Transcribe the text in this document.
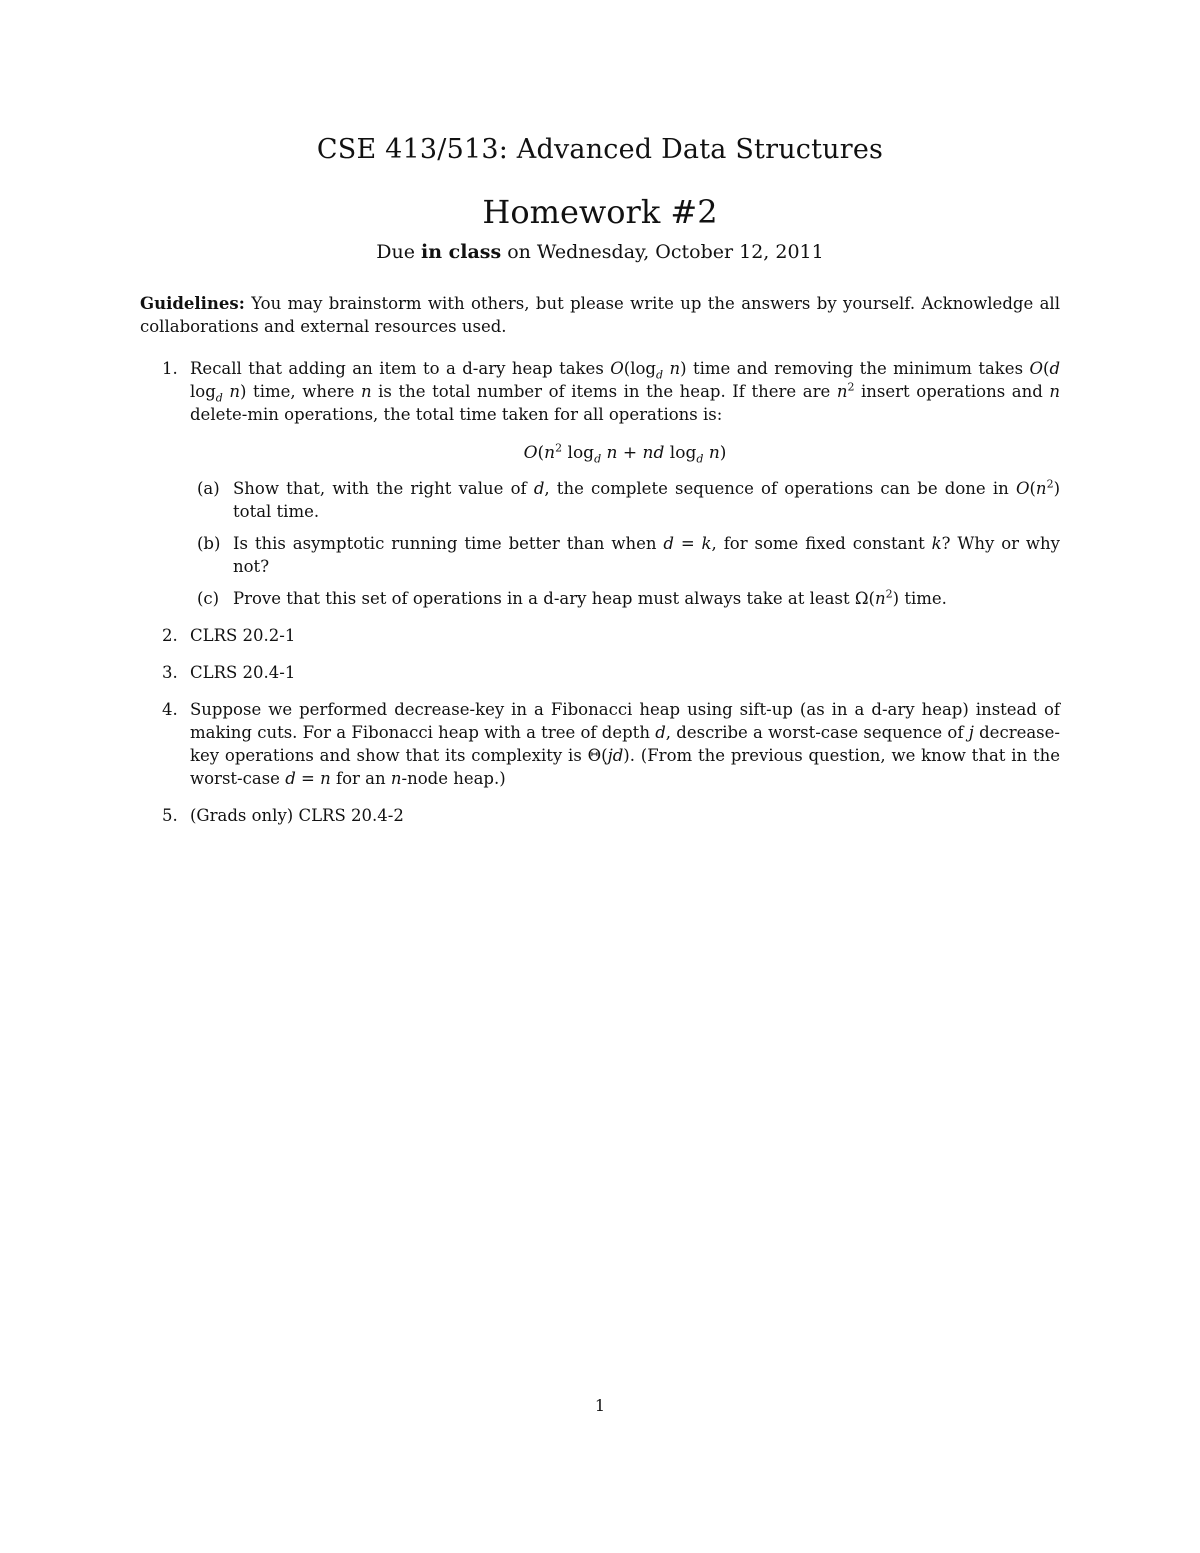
CSE 413/513: Advanced Data Structures
Homework #2
Due in class on Wednesday, October 12, 2011
Guidelines: You may brainstorm with others, but please write up the answers by yourself. Acknowledge all collaborations and external resources used.
1. Recall that adding an item to a d-ary heap takes $O(\log_d$ n) time and removing the minimum takes O(d $\log_d n$) time, where n is the total number of items in the heap. If there are $n^2$ insert operations and n delete-min operations, the total time taken for all operations is:
$O(n^2$ $\log_d n$ + nd $\log_d n$)
(a) Show that, with the right value of d, the complete sequence of operations can be done in $O(n^2)$ total time.
(b) Is this asymptotic running time better than when d = k, for some fixed constant k? Why or why not?
(c) Prove that this set of operations in a d-ary heap must always take at least $\Omega(n^2)$ time.
2. CLRS 20.2-1
3. CLRS 20.4-1
4. Suppose we performed decrease-key in a Fibonacci heap using sift-up (as in a d-ary heap) instead of making cuts. For a Fibonacci heap with a tree of depth d, describe a worst-case sequence of j decrease-key operations and show that its complexity is Θ(jd). (From the previous question, we know that in the worst-case d = n for an n-node heap.)
5. (Grads only) CLRS 20.4-2
1
